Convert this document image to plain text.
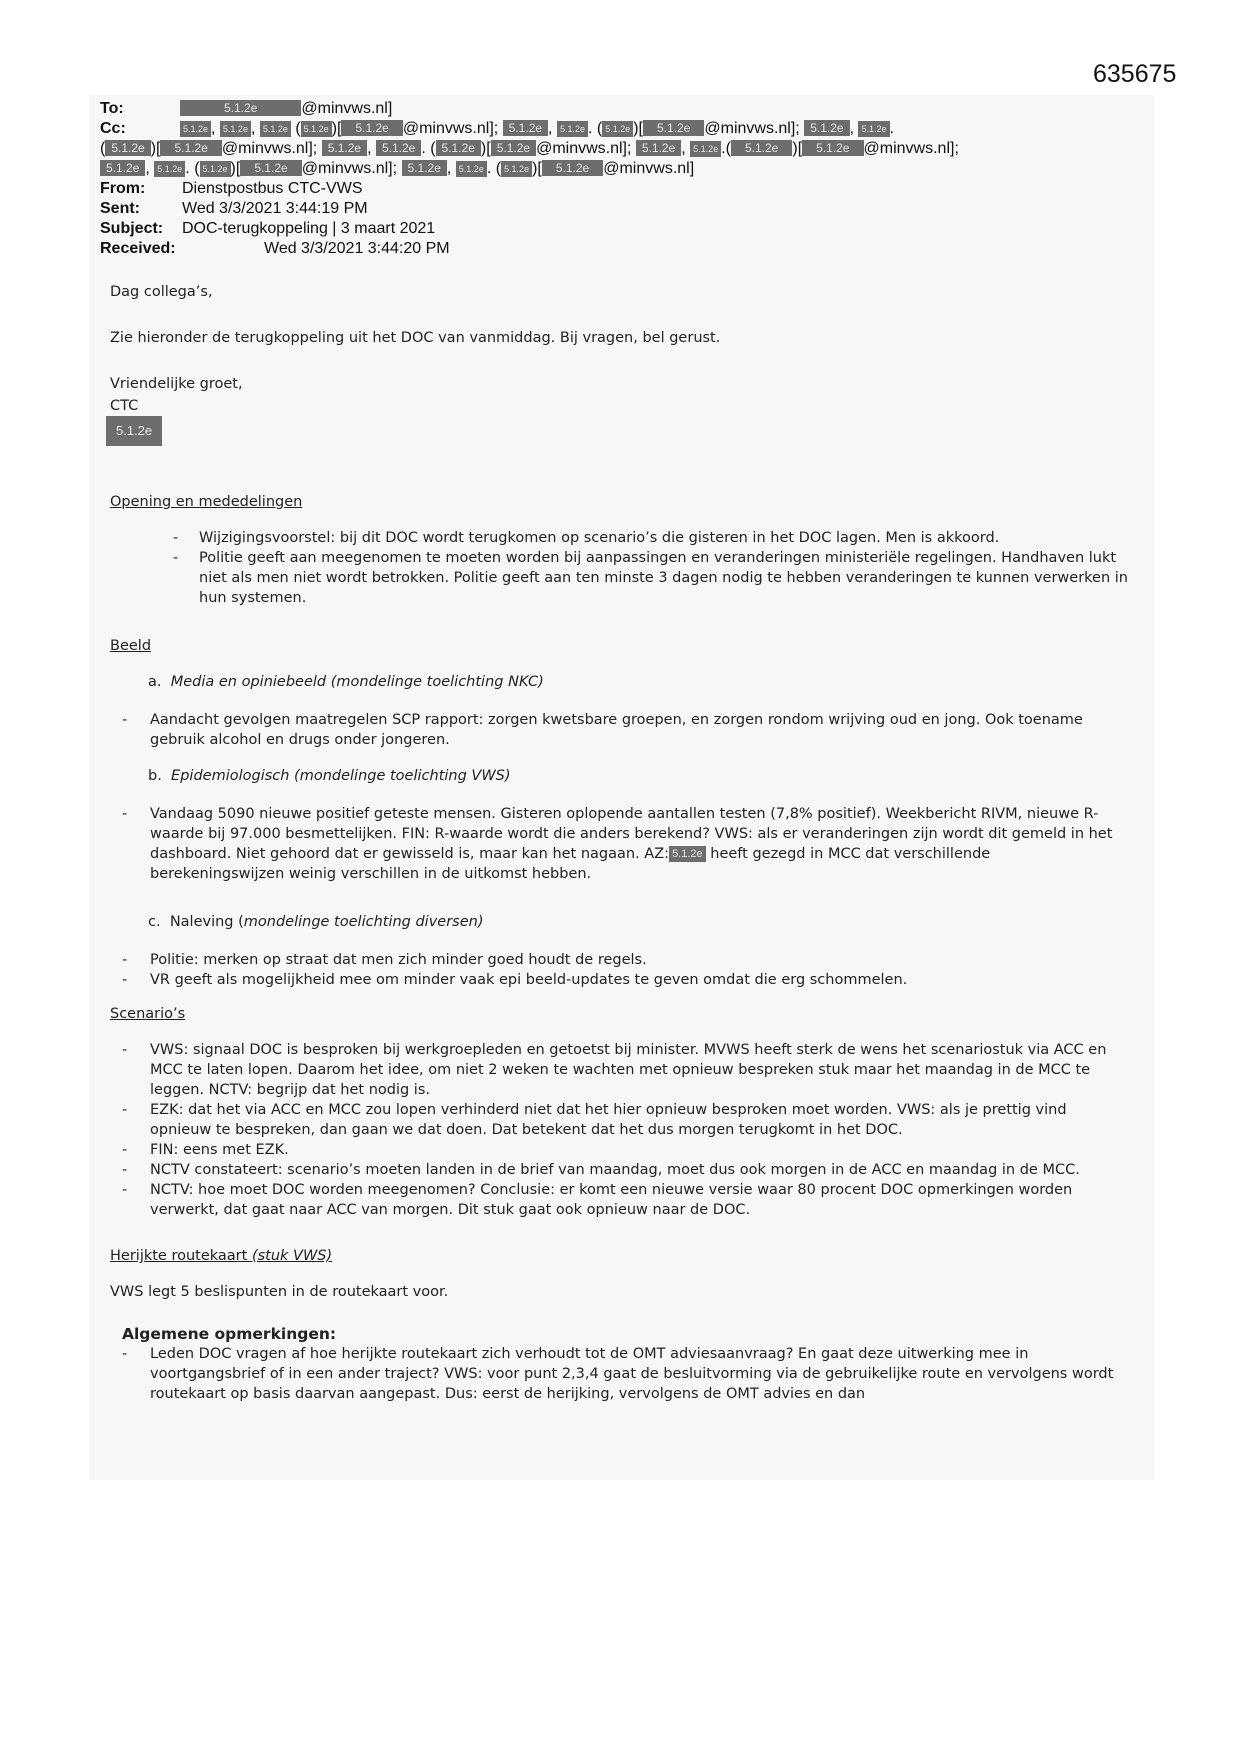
635675
To:	5.1.2e	@minvws.nl]
Cc:	5.1.2e , 5.1.2e , 5.1.2e ( 5.1.2e )[ 5.1.2e @minvws.nl]; 5.1.2e , 5.1.2e . ( 5.1.2e )[ 5.1.2e @minvws.nl]; 5.1.2e , 5.1.2e .
( 5.1.2e )[ 5.1.2e @minvws.nl]; 5.1.2e , 5.1.2e . ( 5.1.2e )[ 5.1.2e @minvws.nl]; 5.1.2e , 5.1.2e .( 5.1.2e )[ 5.1.2e @minvws.nl];
5.1.2e , 5.1.2e . ( 5.1.2e )[ 5.1.2e @minvws.nl]; 5.1.2e , 5.1.2e . ( 5.1.2e )[ 5.1.2e @minvws.nl]
From: Dienstpostbus CTC-VWS
Sent:	Wed 3/3/2021 3:44:19 PM
Subject: DOC-terugkoppeling | 3 maart 2021
Received:	Wed 3/3/2021 3:44:20 PM

Dag collega’s,

Zie hieronder de terugkoppeling uit het DOC van vanmiddag. Bij vragen, bel gerust.

Vriendelijke groet,

CTC

5.1.2e

Opening en mededelingen

- Wijzigingsvoorstel: bij dit DOC wordt terugkomen op scenario’s die gisteren in het DOC lagen. Men is akkoord.
- Politie geeft aan meegenomen te moeten worden bij aanpassingen en veranderingen ministeriële regelingen. Handhaven lukt niet als men niet wordt betrokken. Politie geeft aan ten minste 3 dagen nodig te hebben veranderingen te kunnen verwerken in hun systemen.

Beeld

a. Media en opiniebeeld (mondelinge toelichting NKC)

- Aandacht gevolgen maatregelen SCP rapport: zorgen kwetsbare groepen, en zorgen rondom wrijving oud en jong. Ook toename gebruik alcohol en drugs onder jongeren.

b. Epidemiologisch (mondelinge toelichting VWS)

- Vandaag 5090 nieuwe positief geteste mensen. Gisteren oplopende aantallen testen (7,8% positief). Weekbericht RIVM, nieuwe R-waarde bij 97.000 besmettelijken. FIN: R-waarde wordt die anders berekend? VWS: als er veranderingen zijn wordt dit gemeld in het dashboard. Niet gehoord dat er gewisseld is, maar kan het nagaan. AZ: 5.1.2e heeft gezegd in MCC dat verschillende berekeningswijzen weinig verschillen in de uitkomst hebben.

c. Naleving (mondelinge toelichting diversen)

- Politie: merken op straat dat men zich minder goed houdt de regels.
- VR geeft als mogelijkheid mee om minder vaak epi beeld-updates te geven omdat die erg schommelen.

Scenario’s

- VWS: signaal DOC is besproken bij werkgroepleden en getoetst bij minister. MVWS heeft sterk de wens het scenariostuk via ACC en MCC te laten lopen. Daarom het idee, om niet 2 weken te wachten met opnieuw bespreken stuk maar het maandag in de MCC te leggen. NCTV: begrijp dat het nodig is.
- EZK: dat het via ACC en MCC zou lopen verhinderd niet dat het hier opnieuw besproken moet worden. VWS: als je prettig vind opnieuw te bespreken, dan gaan we dat doen. Dat betekent dat het dus morgen terugkomt in het DOC.
- FIN: eens met EZK.
- NCTV constateert: scenario’s moeten landen in de brief van maandag, moet dus ook morgen in de ACC en maandag in de MCC.
- NCTV: hoe moet DOC worden meegenomen? Conclusie: er komt een nieuwe versie waar 80 procent DOC opmerkingen worden verwerkt, dat gaat naar ACC van morgen. Dit stuk gaat ook opnieuw naar de DOC.

Herijkte routekaart (stuk VWS)

VWS legt 5 beslispunten in de routekaart voor.

Algemene opmerkingen:

- Leden DOC vragen af hoe herijkte routekaart zich verhoudt tot de OMT adviesaanvraag? En gaat deze uitwerking mee in voortgangsbrief of in een ander traject? VWS: voor punt 2,3,4 gaat de besluitvorming via de gebruikelijke route en vervolgens wordt routekaart op basis daarvan aangepast. Dus: eerst de herijking, vervolgens de OMT advies en dan
